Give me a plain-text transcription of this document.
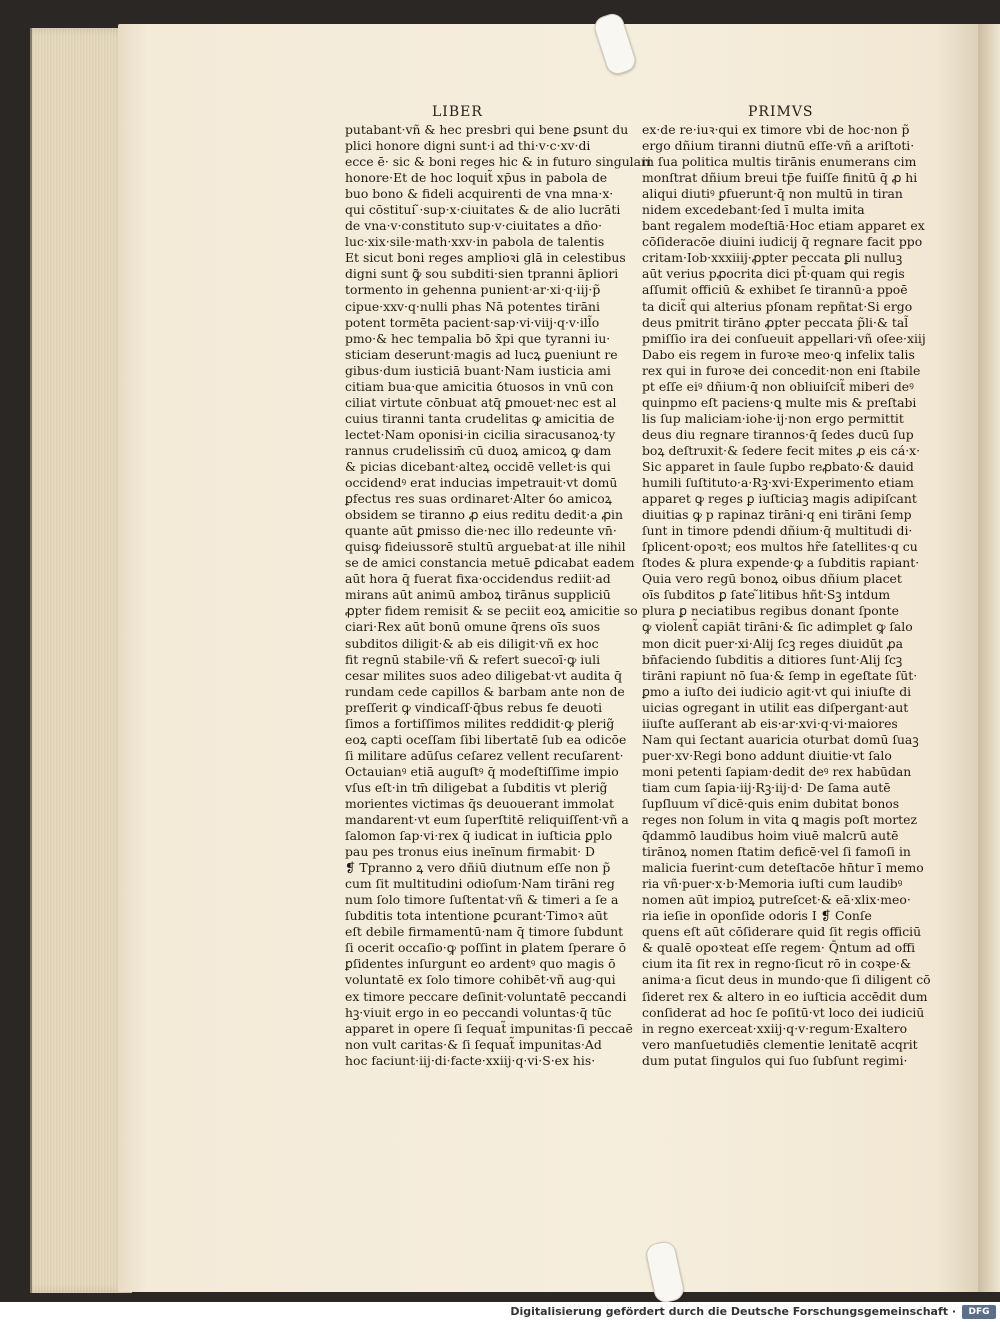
LIBER	PRIMVS
putabant·vñ & hec presbri qui bene ꝑsunt du
plici honore digni sunt·i ad thi·v·c·xv·di
ecce ē· sic & boni reges hic & in futuro singulari
honore·Et de hoc loquit̃ xp̄us in pabola de
buo bono & fideli acquirenti de vna mna·x·
qui cōstitui ̃·sup·x·ciuitates & de alio lucrāti
de vna·v·constituto sup·v·ciuitates a dño·
luc·xix·sile·math·xxv·in pabola de talentis
Et sicut boni reges amplioꝛi glā in celestibus
digni sunt ꝙ̃ sou subditi·sien tpranni āpliori
tormento in gehenna punient·ar·xi·q·iij·p̃
cipue·xxv·q·nulli phas Nā potentes tirāni
potent tormēta pacient·sap·vi·viij·q·v·ill̃o
pmo·& hec tempalia bō x̄pi que tyranni iu·
sticiam deserunt·magis ad lucꝝ ꝑueniunt re
gibus·dum iusticiā buant·Nam iusticia ami
citiam bua·que amicitia ỽtuosos in vnū con
ciliat virtute cōnbuat atq̄ ꝑmouet·nec est al
cuius tiranni tanta crudelitas ꝙ amicitia de
lectet·Nam oponisi·in cicilia siracusanoꝝ·ty
rannus crudelissim̄ cū duoꝝ amicoꝝ ꝙ dam
& picias dicebant·alteꝝ occidē vellet·is qui
occidendꝰ erat inducias impetrauit·vt domū
ꝑfectus res suas ordinaret·Alter ỽo amicoꝝ
obsidem se tiranno ꝓ eius reditu dedit·a ꝓin
quante aūt ꝑmisso die·nec illo redeunte vn̄·
quisꝙ fideiussorē stultū arguebat·at ille nihil
se de amici constancia metuē ꝑdicabat eadem
aūt hora q̄ fuerat fixa·occidendus rediit·ad
mirans aūt animū amboꝝ tirānus suppliciū
ꝓpter fidem remisit & se peciit eoꝝ amicitie so
ciari·Rex aūt bonū omune q̄rens oīs suos
subditos diligit·& ab eis diligit·vñ ex hoc
fit regnū stabile·vñ & refert suecoī·ꝙ iuli
cesar milites suos adeo diligebat·vt audita q̄
rundam cede capillos & barbam ante non de
preſſerit ꝙ vindicaſſ·q̄bus rebus fe deuoti
ſimos a fortiſſimos milites reddidit·ꝙ plerig̃
eoꝝ capti oceſſam ſibi libertatē ſub ea odicōe
ſi militare adūſus ceſarez vellent recuſarent·
Octauianꝰ etiā auguſtꝰ q̄ modeſtiſſime impio
vſus eſt·in tm̄ diligebat a ſubditis vt plerig̃
morientes victimas q̄s deuouerant immolat
mandarent·vt eum ſuperſtitē reliquiſſent·vñ a
ſalomon ſap·vi·rex q̄ iudicat in iuſticia ꝑplo
pau pes tronus eius ineīnum firmabit· D
❡ Tpranno ꝝ vero dñiū diutnum eſſe non p̃
cum ſit multitudini odioſum·Nam tirāni reg
num ſolo timore ſuſtentat·vñ & timeri a ſe a
ſubditis tota intentione ꝑcurant·Timoꝛ aūt
eſt debile firmamentū·nam q̄ timore ſubdunt
ſi ocerit occaſio·ꝙ poſſint in ꝑlatem ſperare ō
ꝑſidentes inſurgunt eo ardentꝰ quo magis ō
voluntatē ex ſolo timore cohibēt·vñ aug·qui
ex timore peccare deſinit·voluntatē peccandi
hꝫ·viuit ergo in eo peccandi voluntas·q̄ tūc
apparet in opere ſi ſequat̃ impunitas·ſi peccaē
non vult caritas·& ſi ſequat̃ impunitas·Ad
hoc faciunt·iij·di·facte·xxiij·q·vi·S·ex his·
ex·de re·iuꝛ·qui ex timore vbi de hoc·non p̃
ergo dñium tiranni diutnū eſſe·vñ a ariſtoti·
in ſua politica multis tirānis enumerans cim
monſtrat dñium breui tp̄e fuiſſe finitū q̄ ꝓ hi
aliqui diutiꝰ ꝑfuerunt·q̄ non multū in tiran
nidem excedebant·ſed ī multa imita
bant regalem modeſtiā·Hoc etiam apparet ex
cōſideracōe diuini iudicij q̄ regnare facit ppo
critam·Iob·xxxiiij·ꝓpter peccata ꝑli nulluꝫ
aūt verius pꝓocrita dici pt̃·quam qui regis
aſſumit officiū & exhibet ſe tirannū·a ppoē
ta dicit̃ qui alterius pſonam repñtat·Si ergo
deus pmitrit tirāno ꝓpter peccata p̃li·& tal̃
pmiſſio ira dei conſueuit appellari·vñ oſee·xiij
Dabo eis regem in furoꝛe meo·ꝗ infelix talis
rex qui in furoꝛe dei concedit·non eni ſtabile
pt eſſe eiꝰ dñium·q̄ non obliuiſcit̃ miberi deꝰ
quinpmo eſt paciens·ꝗ multe mis & preſtabi
lis ſup maliciam·iohe·ij·non ergo permittit
deus diu regnare tirannos·q̄ ſedes ducū ſup
boꝝ deſtruxit·& ſedere fecit mites ꝓ eis cá·x·
Sic apparet in ſaule ſupbo reꝓbato·& dauid
humili ſuſtituto·a·Rꝫ·xvi·Experimento etiam
apparet ꝙ reges ꝑ iuſticiaꝫ magis adipiſcant
diuitias ꝙ p rapinaz tirāni·q eni tirāni ſemp
ſunt in timore pdendi dñium·q̄ multitudi di·
ſplicent·opoꝛt; eos multos hr̃e ſatellites·q cu
ſtodes & plura expende·ꝙ a ſubditis rapiant·
Quia vero regū bonoꝝ oibus dñium placet
oīs ſubditos ꝑ ſate ̃litibus hñt·Sꝫ intdum
plura ꝑ neciatibus regibus donant ſponte
ꝙ violent̃ capiāt tirāni·& ſic adimplet ꝙ ſalo
mon dicit puer·xi·Alij ſcꝫ reges diuidūt ꝓa
bn̄faciendo ſubditis a ditiores ſunt·Alij ſcꝫ
tirāni rapiunt nō ſua·& ſemp in egeſtate ſūt·
ꝑmo a iuſto dei iudicio agit·vt qui iniuſte di
uicias ogregant in utilit eas diſpergant·aut
iiuſte auſſerant ab eis·ar·xvi·q·vi·maiores
Nam qui ſectant auaricia oturbat domū ſuaꝫ
puer·xv·Regi bono addunt diuitie·vt ſalo
moni petenti ſapiam·dedit deꝰ rex habūdan
tiam cum ſapia·iij·Rꝫ·iij·d· De ſama autē
ſupſluum vi ̃dicē·quis enim dubitat bonos
reges non ſolum in vita ꝗ magis poſt mortez
q̄dammō laudibus hoim viuē malcrū autē
tirānoꝝ nomen ſtatim deficē·vel ſi famoſi in
malicia fuerint·cum deteſtacōe hn̄tur ī memo
ria vñ·puer·x·b·Memoria iuſti cum laudibꝰ
nomen aūt impioꝝ putreſcet·& eā·xlix·meo·
ria ieſie in oponſide odoris I ❡ Conſe
quens eſt aūt cōſiderare quid ſit regis officiū
& qualē opoꝛteat eſſe regem· Q̄ntum ad offi
cium ita ſit rex in regno·ſicut rō in coꝛpe·&
anima·a ſicut deus in mundo·que ſi diligent cō
ſideret rex & altero in eo iuſticia accēdit dum
conſiderat ad hoc ſe poſitū·vt loco dei iudiciū
in regno exerceat·xxiij·q·v·regum·Exaltero
vero manſuetudiēs clementie lenitatē acqrit
dum putat ſingulos qui ſuo ſubſunt regimi·
Digitalisierung gefördert durch die Deutsche Forschungsgemeinschaft ·	DFG
